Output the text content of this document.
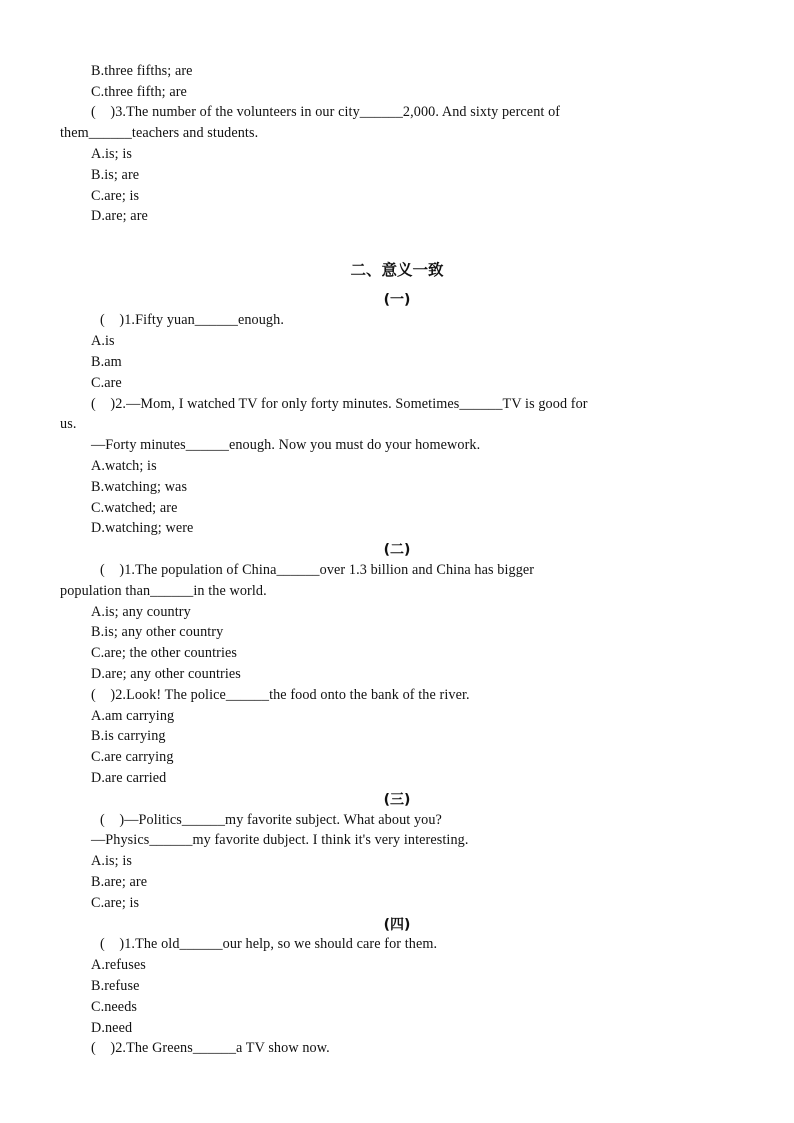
B.three fifths; are
C.three fifth; are
(    )3.The number of the volunteers in our city______2,000. And sixty percent of
them______teachers and students.
A.is; is
B.is; are
C.are; is
D.are; are
二、意义一致
(一)
(    )1.Fifty yuan______enough.
A.is
B.am
C.are
(    )2.—Mom, I watched TV for only forty minutes. Sometimes______TV is good for
us.
—Forty minutes______enough. Now you must do your homework.
A.watch; is
B.watching; was
C.watched; are
D.watching; were
(二)
(    )1.The population of China______over 1.3 billion and China has bigger
population than______in the world.
A.is; any country
B.is; any other country
C.are; the other countries
D.are; any other countries
(    )2.Look! The police______the food onto the bank of the river.
A.am carrying
B.is carrying
C.are carrying
D.are carried
(三)
(    )—Politics______my favorite subject. What about you?
—Physics______my favorite dubject. I think it's very interesting.
A.is; is
B.are; are
C.are; is
(四)
(    )1.The old______our help, so we should care for them.
A.refuses
B.refuse
C.needs
D.need
(    )2.The Greens______a TV show now.
